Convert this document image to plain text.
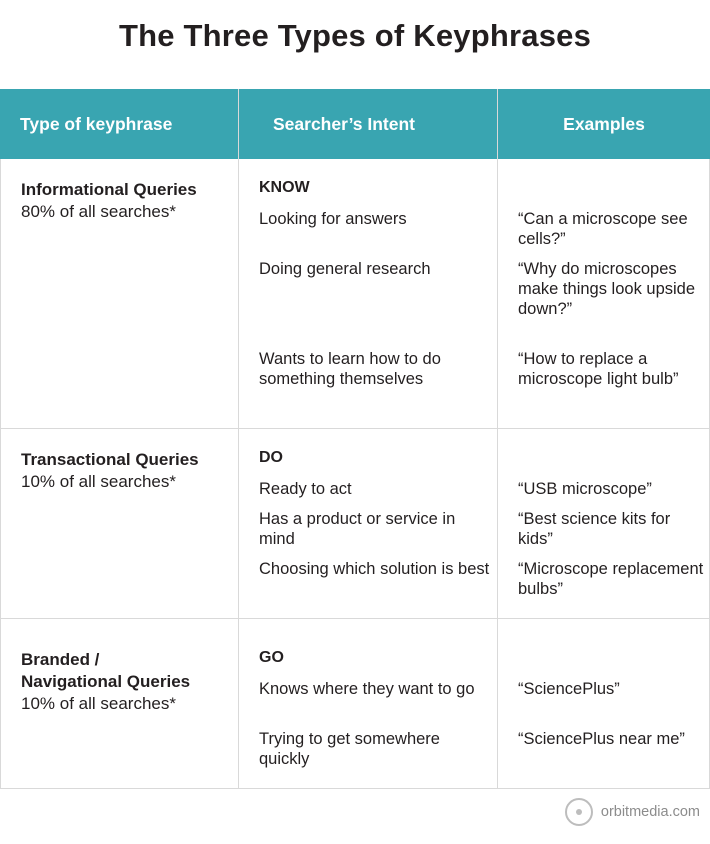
The Three Types of Keyphrases
Type of keyphrase	Searcher’s Intent	Examples
Informational Queries
80% of all searches*
KNOW
Looking for answers
Doing general research
Wants to learn how to do something themselves
“Can a microscope see cells?”
“Why do microscopes make things look upside down?”
“How to replace a microscope light bulb”
Transactional Queries
10% of all searches*
DO
Ready to act
Has a product or service in mind
Choosing which solution is best
“USB microscope”
“Best science kits for kids”
“Microscope replacement bulbs”
Branded /
Navigational Queries
10% of all searches*
GO
Knows where they want to go
Trying to get somewhere quickly
“SciencePlus”
“SciencePlus near me”
orbitmedia.com
